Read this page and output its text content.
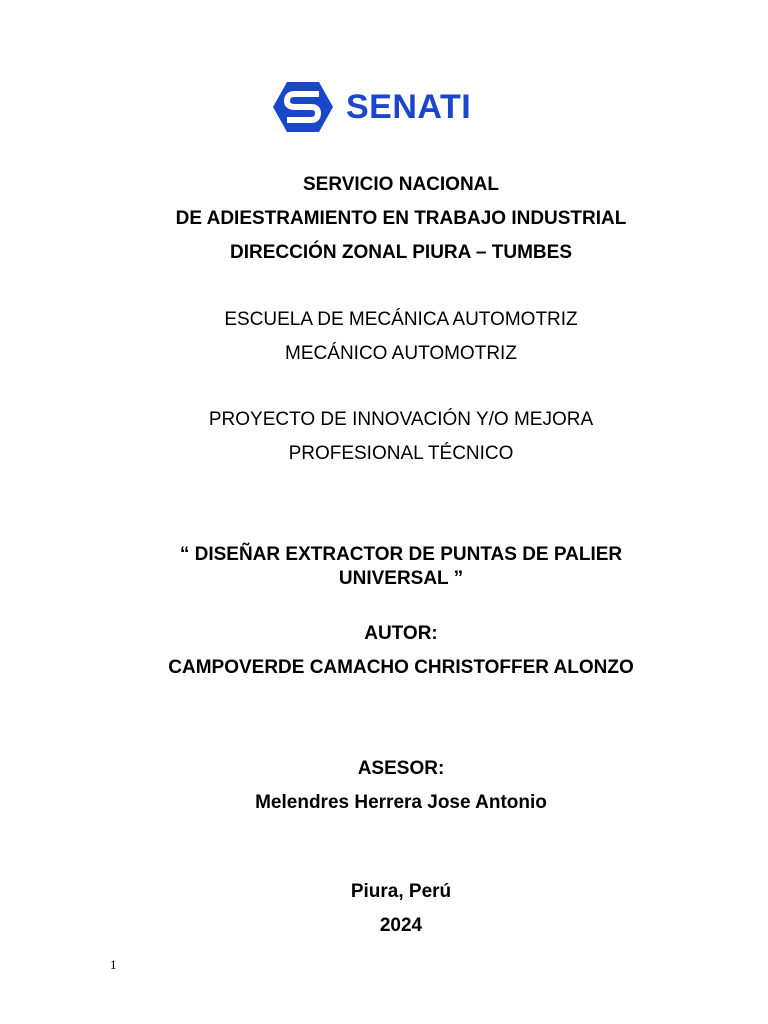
SENATI
SERVICIO NACIONAL
DE ADIESTRAMIENTO EN TRABAJO INDUSTRIAL
DIRECCIÓN ZONAL PIURA – TUMBES
ESCUELA DE MECÁNICA AUTOMOTRIZ
MECÁNICO AUTOMOTRIZ
PROYECTO DE INNOVACIÓN Y/O MEJORA
PROFESIONAL TÉCNICO
“ DISEÑAR EXTRACTOR DE PUNTAS DE PALIER UNIVERSAL ”
AUTOR:
CAMPOVERDE CAMACHO CHRISTOFFER ALONZO
ASESOR:
Melendres Herrera Jose Antonio
Piura, Perú
2024
1
